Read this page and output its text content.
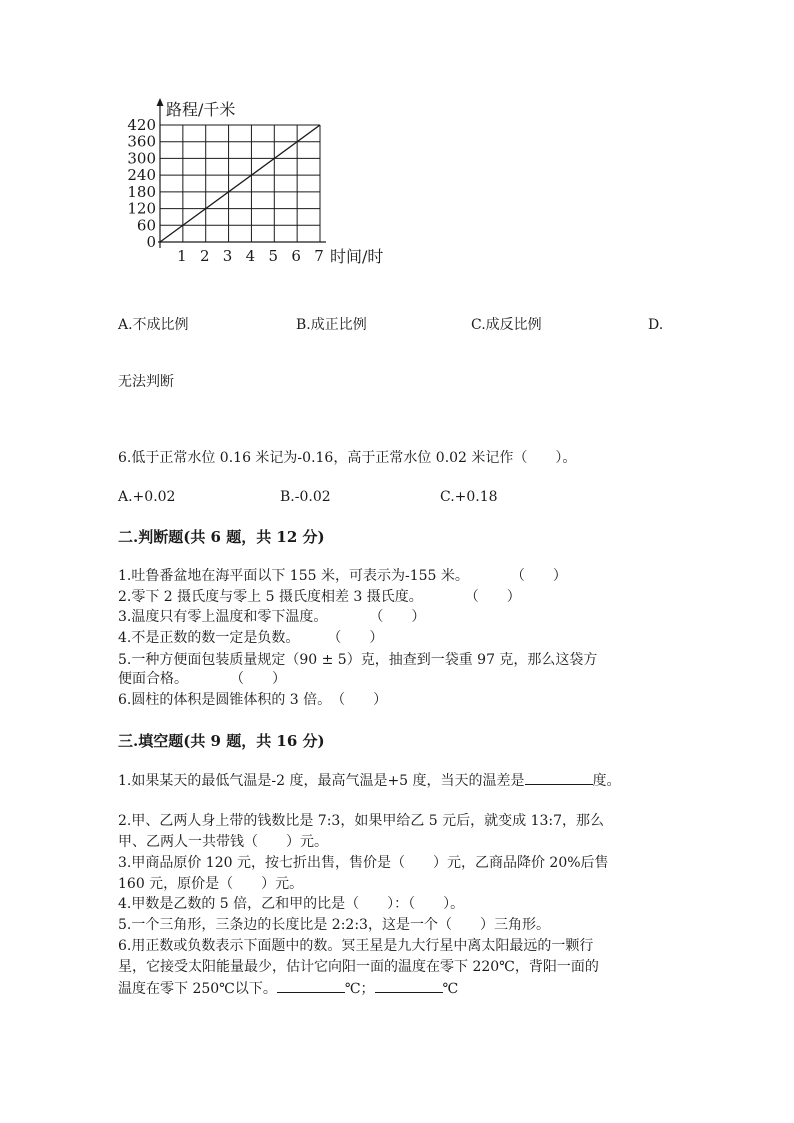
0
60
120
180
240
300
360
420
1 2 3 4 5 6 7
路程/千米
时间/时
A.不成比例	B.成正比例	C.成反比例	D.
无法判断
6.低于正常水位 0.16 米记为-0.16，高于正常水位 0.02 米记作（　　）。
A.+0.02	B.-0.02	C.+0.18
二.判断题(共 6 题，共 12 分)
1.吐鲁番盆地在海平面以下 155 米，可表示为-155 米。　　　　（　　）
2.零下 2 摄氏度与零上 5 摄氏度相差 3 摄氏度。　　　　（　　）
3.温度只有零上温度和零下温度。　　　　（　　）
4.不是正数的数一定是负数。　　　（　　）
5.一种方便面包装质量规定（90 ± 5）克，抽查到一袋重 97 克，那么这袋方
便面合格。　　　　（　　）
6.圆柱的体积是圆锥体积的 3 倍。　（　　）
三.填空题(共 9 题，共 16 分)
1.如果某天的最低气温是-2 度，最高气温是+5 度，当天的温差是	度。
2.甲、乙两人身上带的钱数比是 7:3，如果甲给乙 5 元后，就变成 13:7，那么
甲、乙两人一共带钱（　　）元。
3.甲商品原价 120 元，按七折出售，售价是（　　）元，乙商品降价 20%后售
160 元，原价是（　　）元。
4.甲数是乙数的 5 倍，乙和甲的比是（　　）：（　　）。
5.一个三角形，三条边的长度比是 2:2:3，这是一个（　　）三角形。
6.用正数或负数表示下面题中的数。冥王星是九大行星中离太阳最远的一颗行
星，它接受太阳能量最少，估计它向阳一面的温度在零下 220℃，背阳一面的
温度在零下 250℃以下。	℃；	℃
